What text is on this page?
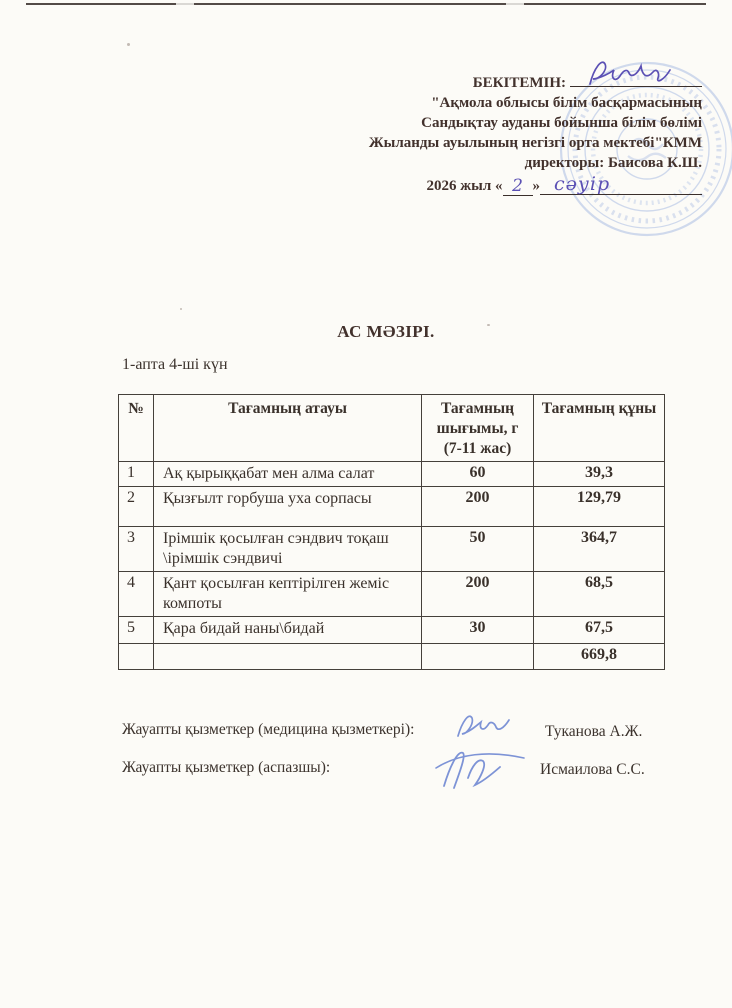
БЕКІТЕМІН:
"Ақмола облысы білім басқармасының
Сандықтау ауданы бойынша білім бөлімі
Жыланды ауылының негізгі орта мектебі"КММ
директоры: Баисова К.Ш.
2026 жыл « 2 » сәуір
АС МӘЗІРІ.
1-апта 4-ші күн
№	Тағамның атауы	Тағамның шығымы, г (7-11 жас)	Тағамның құны
1	Ақ қырыққабат мен алма салат	60	39,3
2	Қызғылт горбуша уха сорпасы	200	129,79
3	Ірімшік қосылған сэндвич тоқаш \ірімшік сэндвичі	50	364,7
4	Қант қосылған кептірілген жеміс компоты	200	68,5
5	Қара бидай наны\бидай	30	67,5
			669,8
Жауапты қызметкер (медицина қызметкері):	Туканова А.Ж.
Жауапты қызметкер (аспазшы):	Исмаилова С.С.
